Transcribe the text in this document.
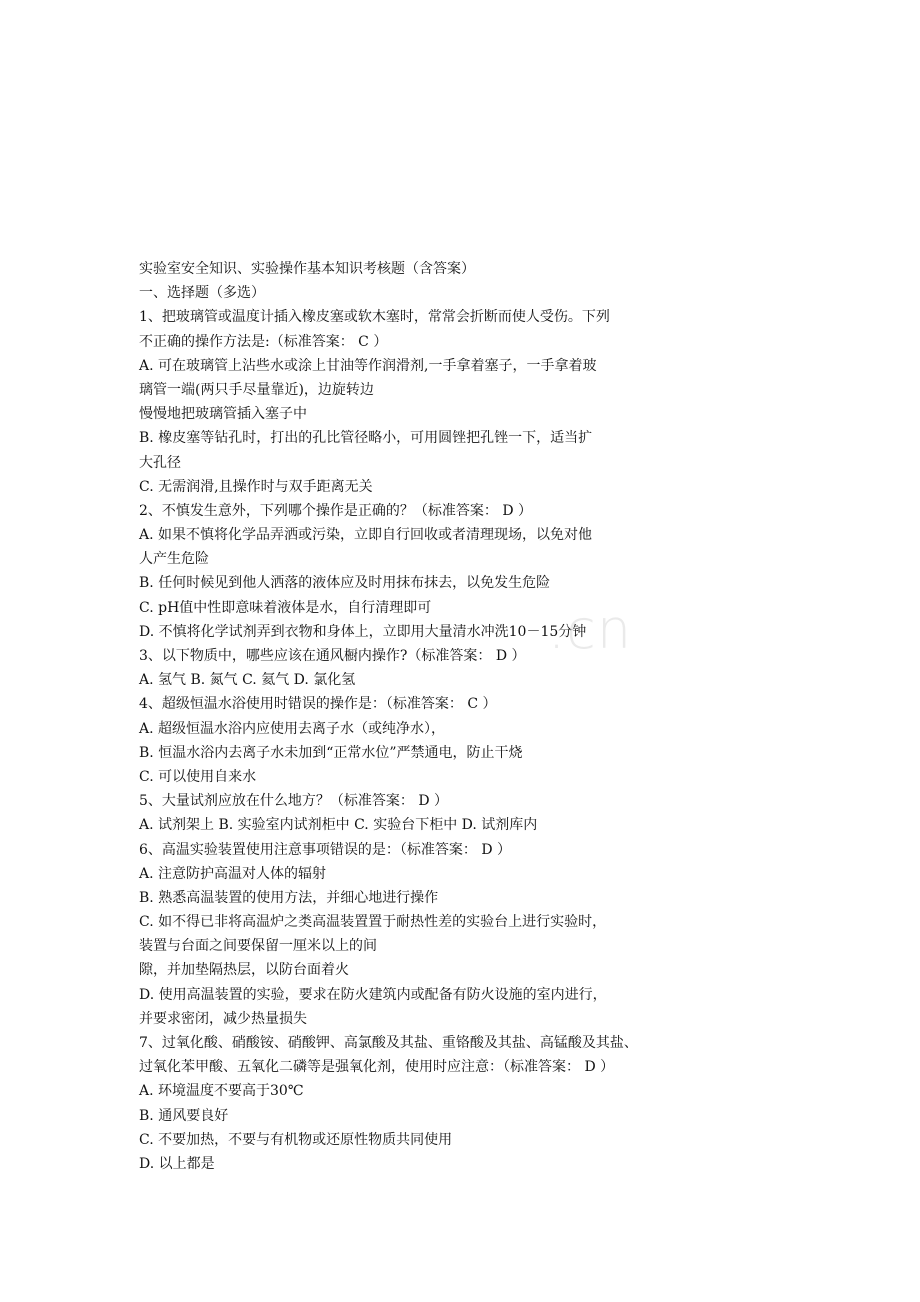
实验室安全知识、实验操作基本知识考核题（含答案）
一、选择题（多选）
1、把玻璃管或温度计插入橡皮塞或软木塞时，常常会折断而使人受伤。下列
不正确的操作方法是:（标准答案： C ）
A. 可在玻璃管上沾些水或涂上甘油等作润滑剂,一手拿着塞子，一手拿着玻
璃管一端(两只手尽量靠近)，边旋转边
慢慢地把玻璃管插入塞子中
B. 橡皮塞等钻孔时，打出的孔比管径略小，可用圆锉把孔锉一下，适当扩
大孔径
C. 无需润滑,且操作时与双手距离无关
2、不慎发生意外，下列哪个操作是正确的？（标准答案： D ）
A. 如果不慎将化学品弄洒或污染，立即自行回收或者清理现场，以免对他
人产生危险
B. 任何时候见到他人洒落的液体应及时用抹布抹去，以免发生危险
C. pH值中性即意味着液体是水，自行清理即可
D. 不慎将化学试剂弄到衣物和身体上，立即用大量清水冲洗10－15分钟
3、以下物质中，哪些应该在通风橱内操作?（标准答案： D ）
A. 氢气 B. 氮气 C. 氦气 D. 氯化氢
4、超级恒温水浴使用时错误的操作是：（标准答案： C ）
A. 超级恒温水浴内应使用去离子水（或纯净水），
B. 恒温水浴内去离子水未加到“正常水位”严禁通电，防止干烧
C. 可以使用自来水
5、大量试剂应放在什么地方？（标准答案： D ）
A. 试剂架上 B. 实验室内试剂柜中 C. 实验台下柜中 D. 试剂库内
6、高温实验装置使用注意事项错误的是：（标准答案： D ）
A. 注意防护高温对人体的辐射
B. 熟悉高温装置的使用方法，并细心地进行操作
C. 如不得已非将高温炉之类高温装置置于耐热性差的实验台上进行实验时，
装置与台面之间要保留一厘米以上的间
隙，并加垫隔热层，以防台面着火
D. 使用高温装置的实验，要求在防火建筑内或配备有防火设施的室内进行，
并要求密闭，减少热量损失
7、过氧化酸、硝酸铵、硝酸钾、高氯酸及其盐、重铬酸及其盐、高锰酸及其盐、
过氧化苯甲酸、五氧化二磷等是强氧化剂，使用时应注意：（标准答案： D ）
A. 环境温度不要高于30℃
B. 通风要良好
C. 不要加热，不要与有机物或还原性物质共同使用
D. 以上都是
.cn
